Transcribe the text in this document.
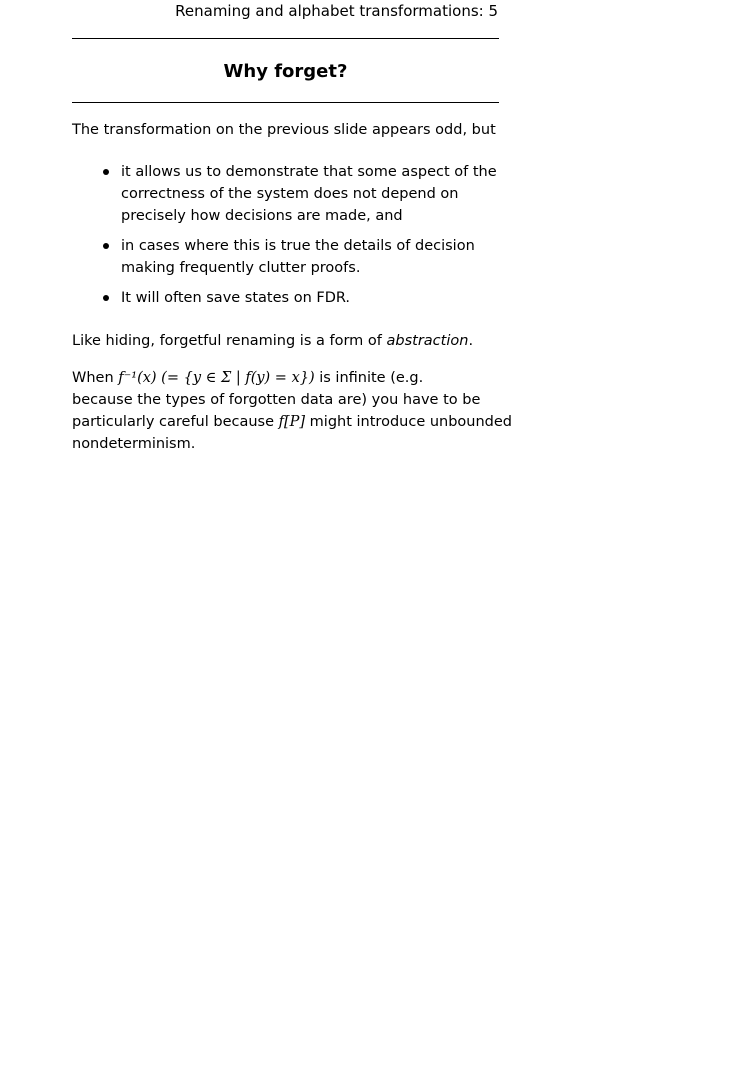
Renaming and alphabet transformations: 5
Why forget?
The transformation on the previous slide appears odd, but
it allows us to demonstrate that some aspect of the
correctness of the system does not depend on
precisely how decisions are made, and
in cases where this is true the details of decision
making frequently clutter proofs.
It will often save states on FDR.
Like hiding, forgetful renaming is a form of abstraction.
When f⁻¹(x) (= {y ∈ Σ | f(y) = x}) is infinite (e.g.
because the types of forgotten data are) you have to be
particularly careful because f[P] might introduce unbounded
nondeterminism.
